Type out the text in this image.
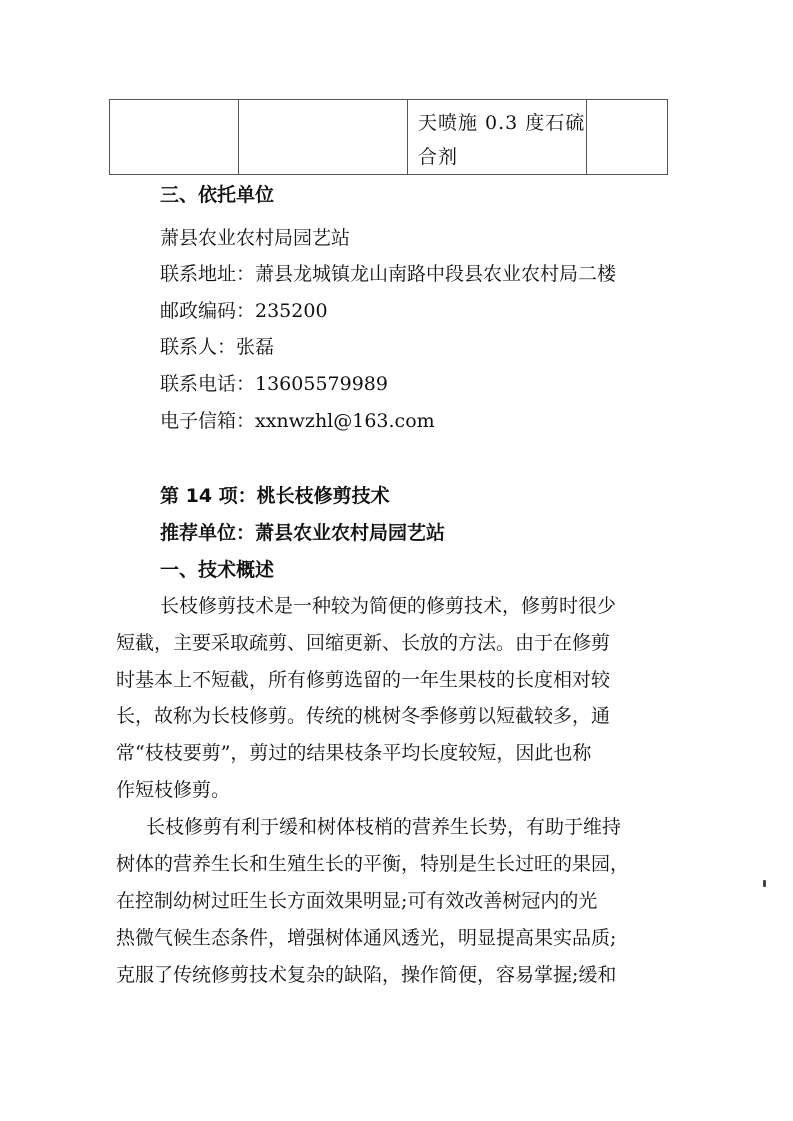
天喷施 0.3 度石硫
合剂

三、依托单位
萧县农业农村局园艺站
联系地址：萧县龙城镇龙山南路中段县农业农村局二楼
邮政编码：235200
联系人：张磊
联系电话：13605579989
电子信箱：xxnwzhl@163.com
第 14 项：桃长枝修剪技术
推荐单位：萧县农业农村局园艺站
一、技术概述
长枝修剪技术是一种较为简便的修剪技术，修剪时很少
短截，主要采取疏剪、回缩更新、长放的方法。由于在修剪
时基本上不短截，所有修剪选留的一年生果枝的长度相对较
长，故称为长枝修剪。传统的桃树冬季修剪以短截较多，通
常“枝枝要剪”，剪过的结果枝条平均长度较短，因此也称
作短枝修剪。
长枝修剪有利于缓和树体枝梢的营养生长势，有助于维持
树体的营养生长和生殖生长的平衡，特别是生长过旺的果园，
在控制幼树过旺生长方面效果明显;可有效改善树冠内的光
热微气候生态条件，增强树体通风透光，明显提高果实品质;
克服了传统修剪技术复杂的缺陷，操作简便，容易掌握;缓和
